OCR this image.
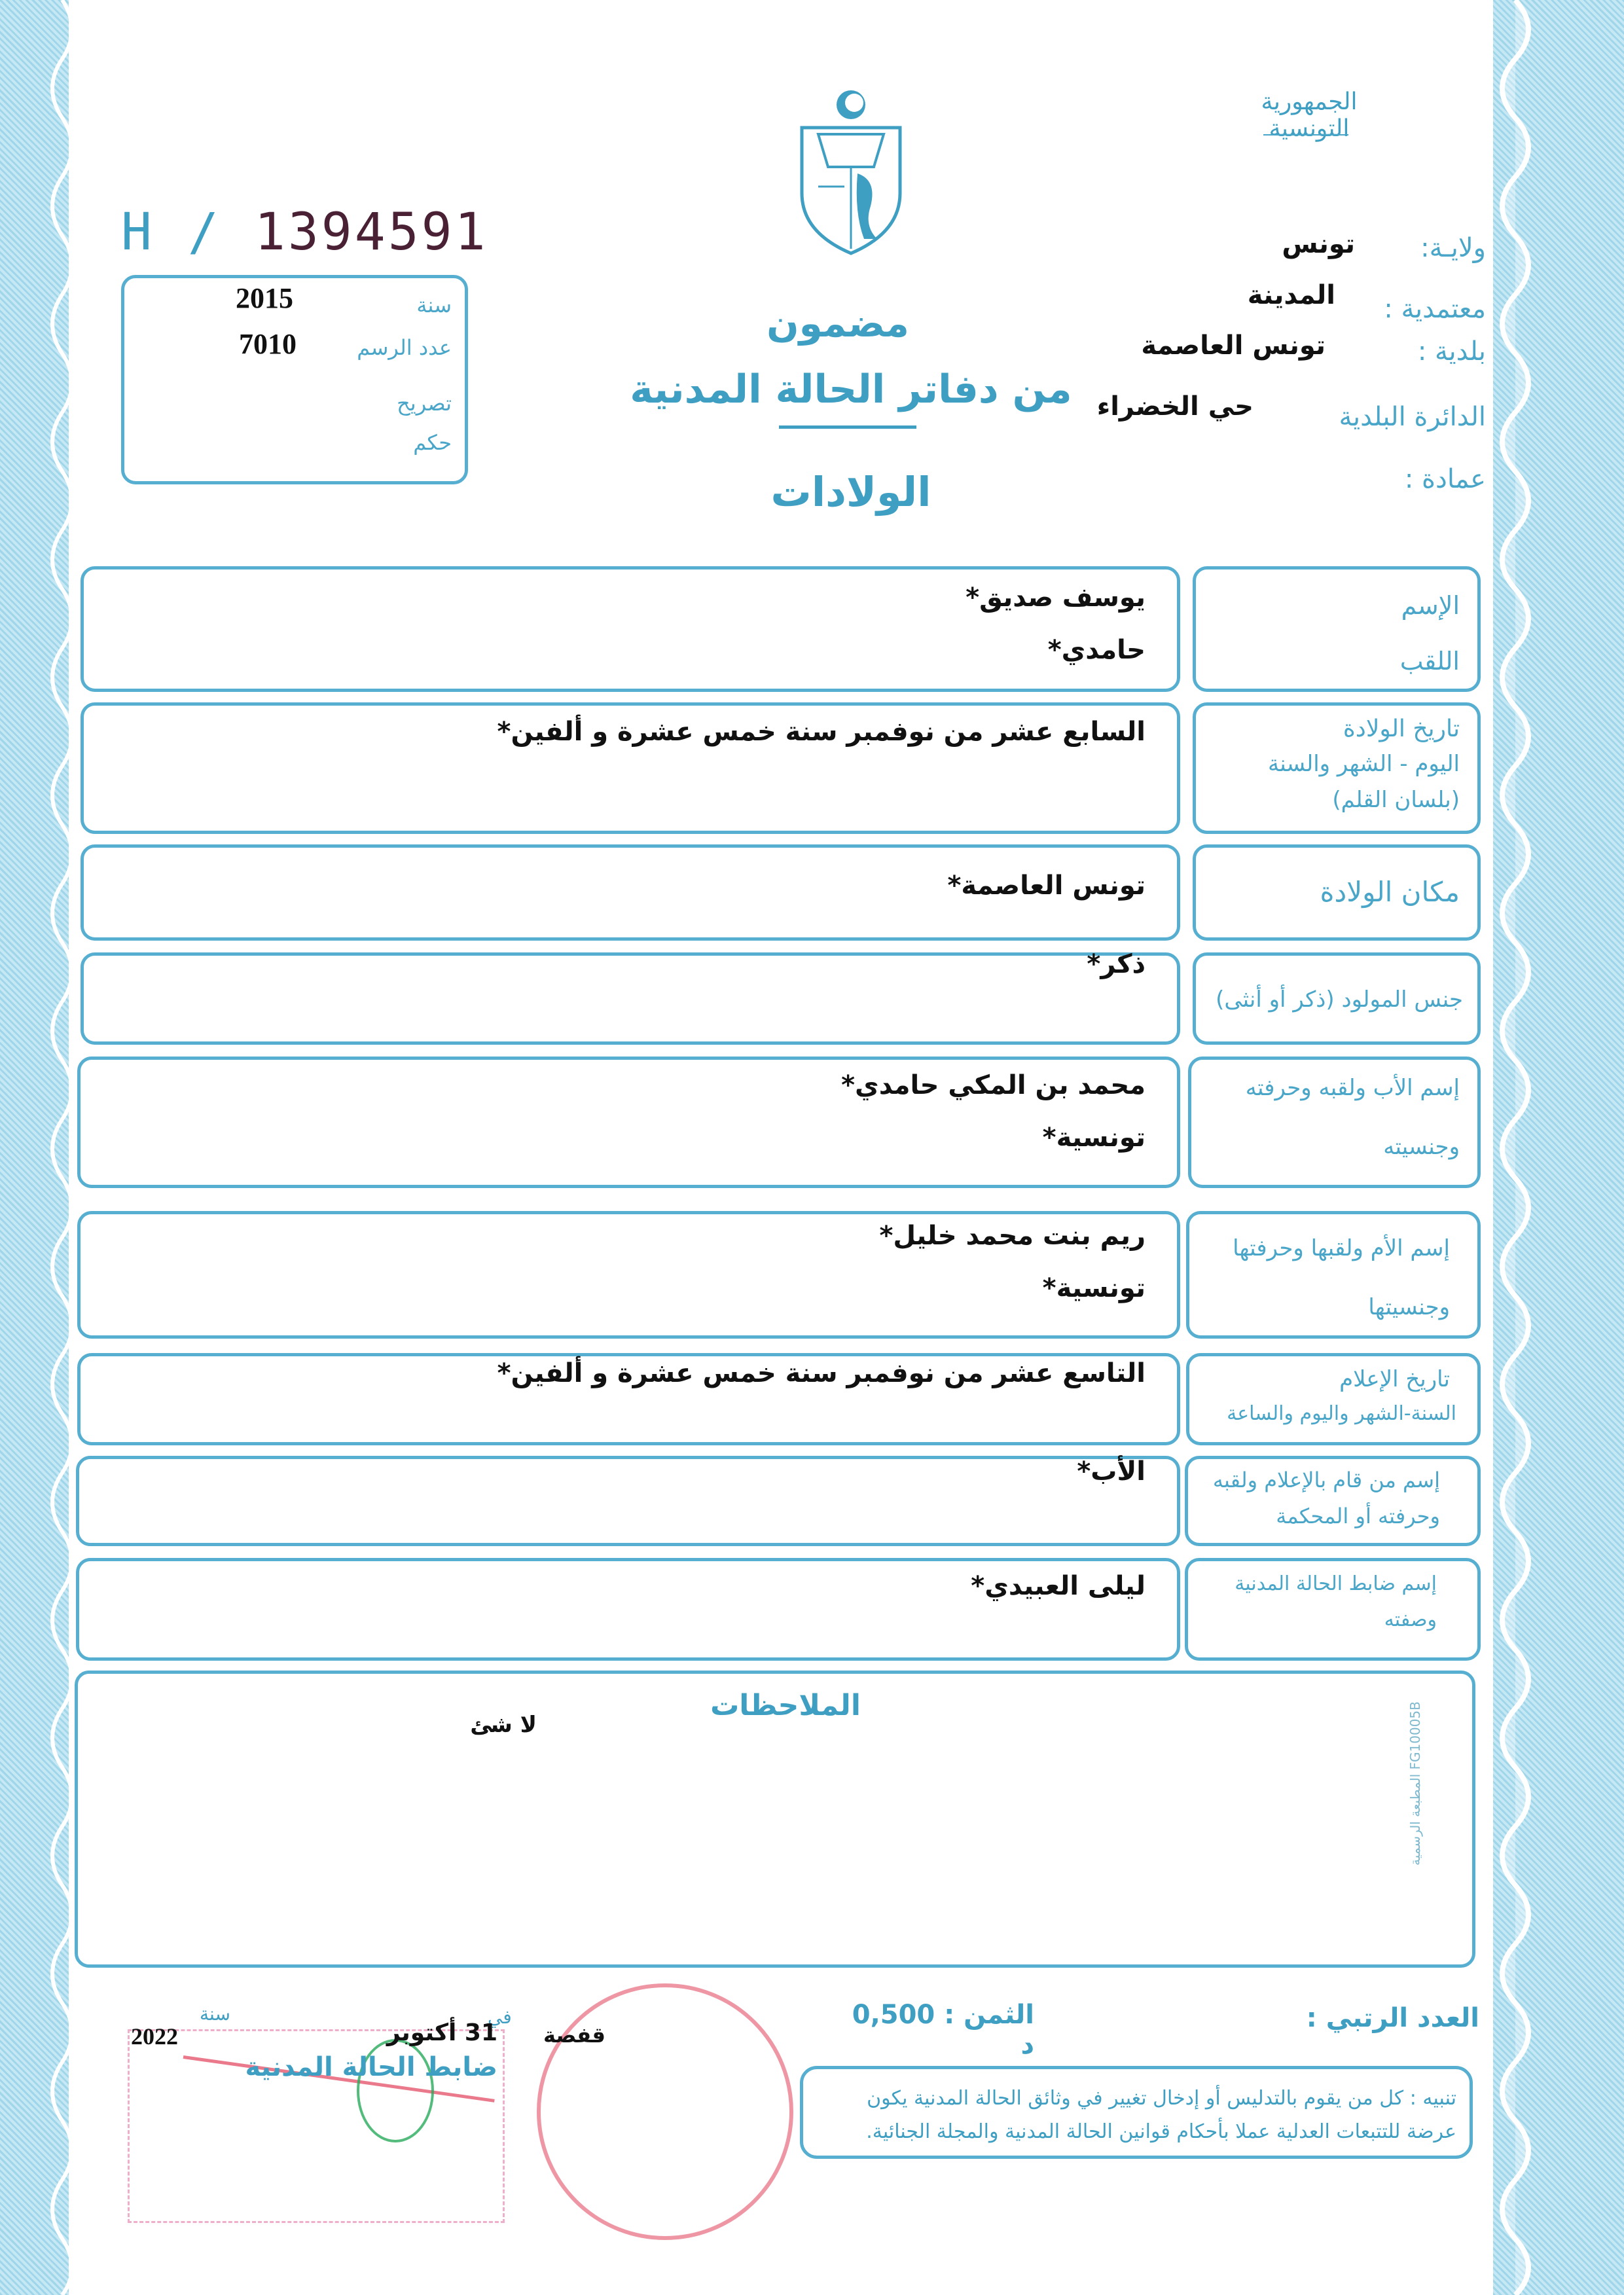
المطبعة الرسمية FG10005B
الجمهورية التونسية
H / 1394591
سنة
2015
عدد الرسم
7010
تصريح
حكم
مضمون
من دفاتر الحالة المدنية
الولادات
ولايـة:
تونس
معتمدية :
المدينة
بلدية :
تونس العاصمة
الدائرة البلدية
حي الخضراء
عمادة :
الإسم
اللقب
يوسف صديق*
حامدي*
تاريخ الولادة
اليوم - الشهر والسنة
(بلسان القلم)
السابع عشر من نوفمبر سنة خمس عشرة و ألفين*
مكان الولادة
تونس العاصمة*
جنس المولود (ذكر أو أنثى)
ذكر*
إسم الأب ولقبه وحرفته
وجنسيته
محمد بن المكي حامدي*
تونسية*
إسم الأم ولقبها وحرفتها
وجنسيتها
ريم بنت محمد خليل*
تونسية*
تاريخ الإعلام
السنة-الشهر واليوم والساعة
التاسع عشر من نوفمبر سنة خمس عشرة و ألفين*
إسم من قام بالإعلام ولقبه
وحرفته أو المحكمة
الأب*
إسم ضابط الحالة المدنية
وصفته
ليلى العبيدي*
الملاحظات
لا شئ
العدد الرتبي :
الثمن : 0,500 د
تنبيه : كل من يقوم بالتدليس أو إدخال تغيير في وثائق الحالة المدنية يكون عرضة للتتبعات العدلية عملا بأحكام قوانين الحالة المدنية والمجلة الجنائية.
سنة
2022
في
31 أكتوبر قفصة
ضابط الحالة المدنية
